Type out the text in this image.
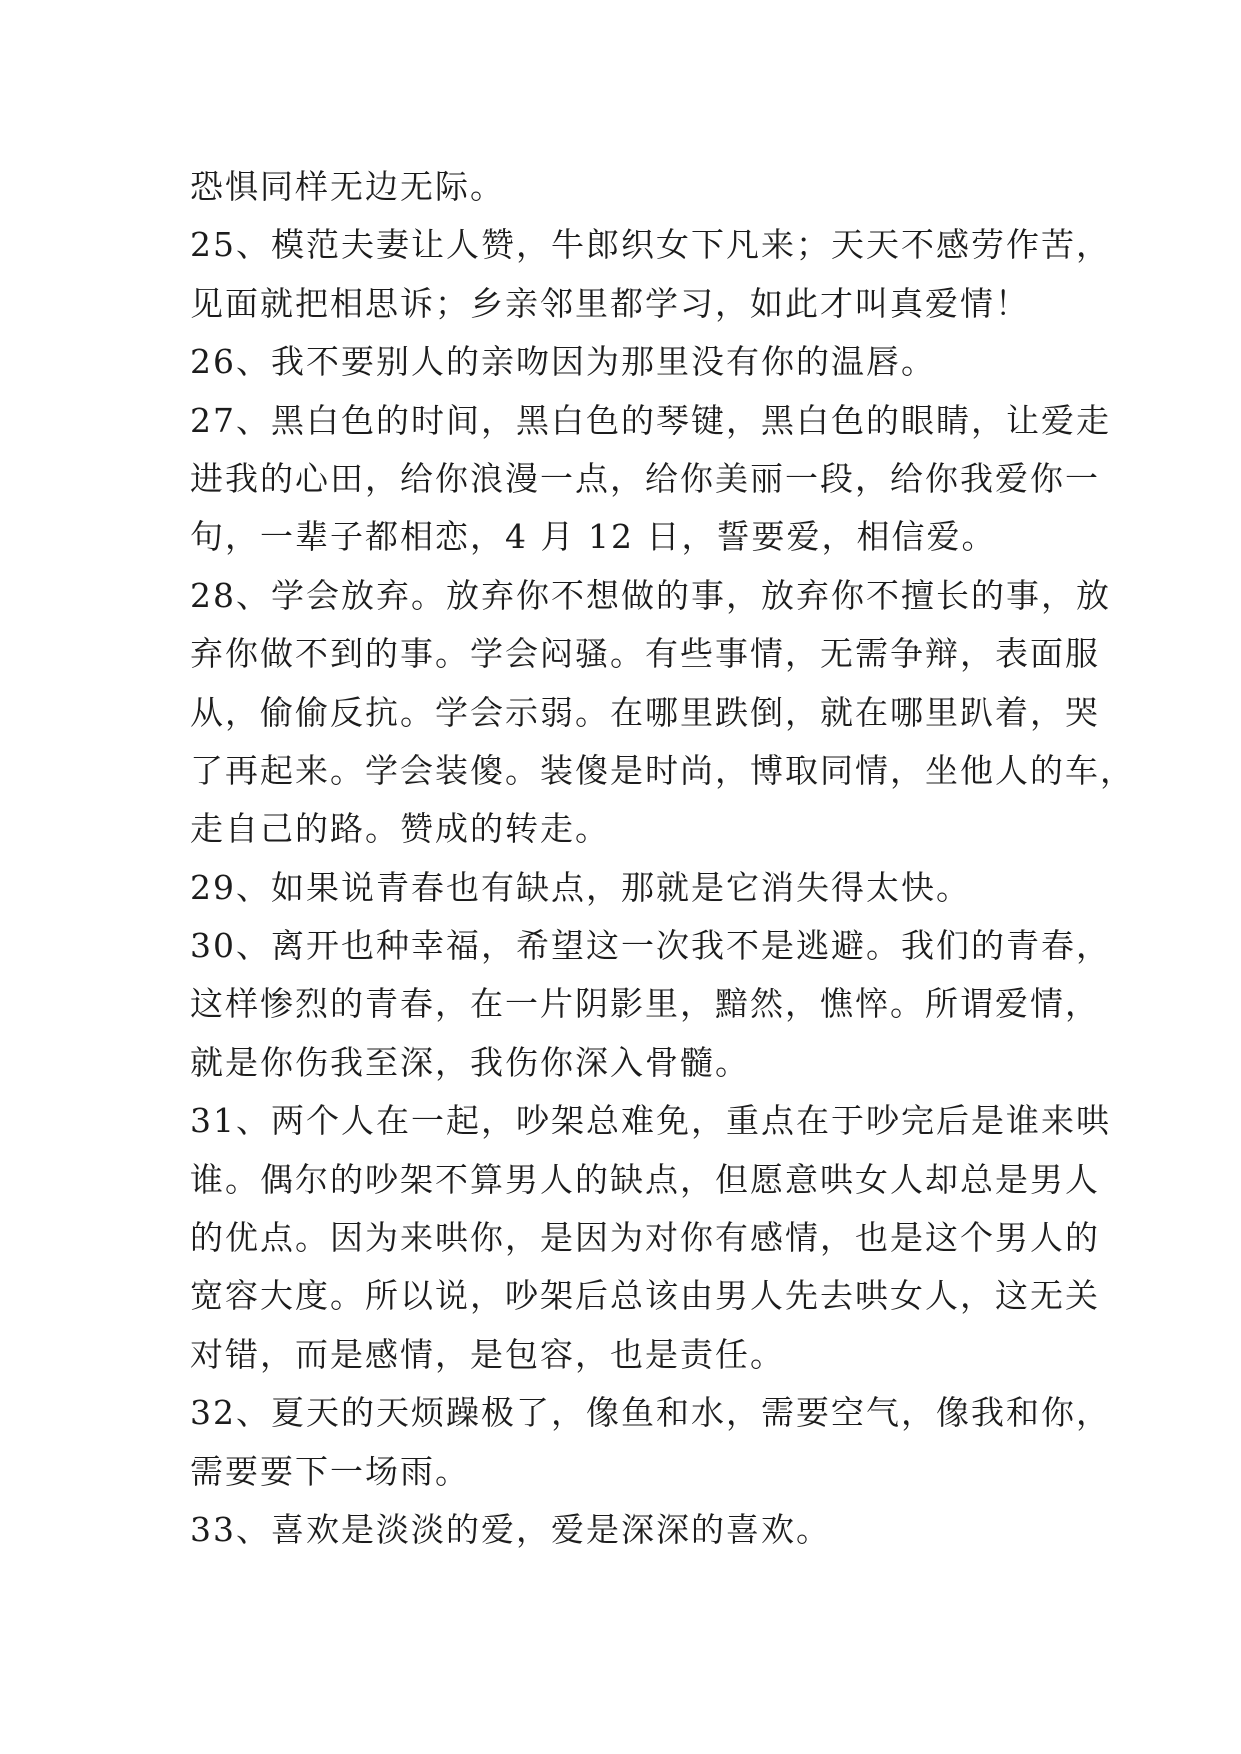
恐惧同样无边无际。
25、模范夫妻让人赞，牛郎织女下凡来；天天不感劳作苦，
见面就把相思诉；乡亲邻里都学习，如此才叫真爱情！
26、我不要别人的亲吻因为那里没有你的温唇。
27、黑白色的时间，黑白色的琴键，黑白色的眼睛，让爱走
进我的心田，给你浪漫一点，给你美丽一段，给你我爱你一
句，一辈子都相恋，4 月 12 日，誓要爱，相信爱。
28、学会放弃。放弃你不想做的事，放弃你不擅长的事，放
弃你做不到的事。学会闷骚。有些事情，无需争辩，表面服
从，偷偷反抗。学会示弱。在哪里跌倒，就在哪里趴着，哭
了再起来。学会装傻。装傻是时尚，博取同情，坐他人的车，
走自己的路。赞成的转走。
29、如果说青春也有缺点，那就是它消失得太快。
30、离开也种幸福，希望这一次我不是逃避。我们的青春，
这样惨烈的青春，在一片阴影里，黯然，憔悴。所谓爱情，
就是你伤我至深，我伤你深入骨髓。
31、两个人在一起，吵架总难免，重点在于吵完后是谁来哄
谁。偶尔的吵架不算男人的缺点，但愿意哄女人却总是男人
的优点。因为来哄你，是因为对你有感情，也是这个男人的
宽容大度。所以说，吵架后总该由男人先去哄女人，这无关
对错，而是感情，是包容，也是责任。
32、夏天的天烦躁极了，像鱼和水，需要空气，像我和你，
需要要下一场雨。
33、喜欢是淡淡的爱，爱是深深的喜欢。
